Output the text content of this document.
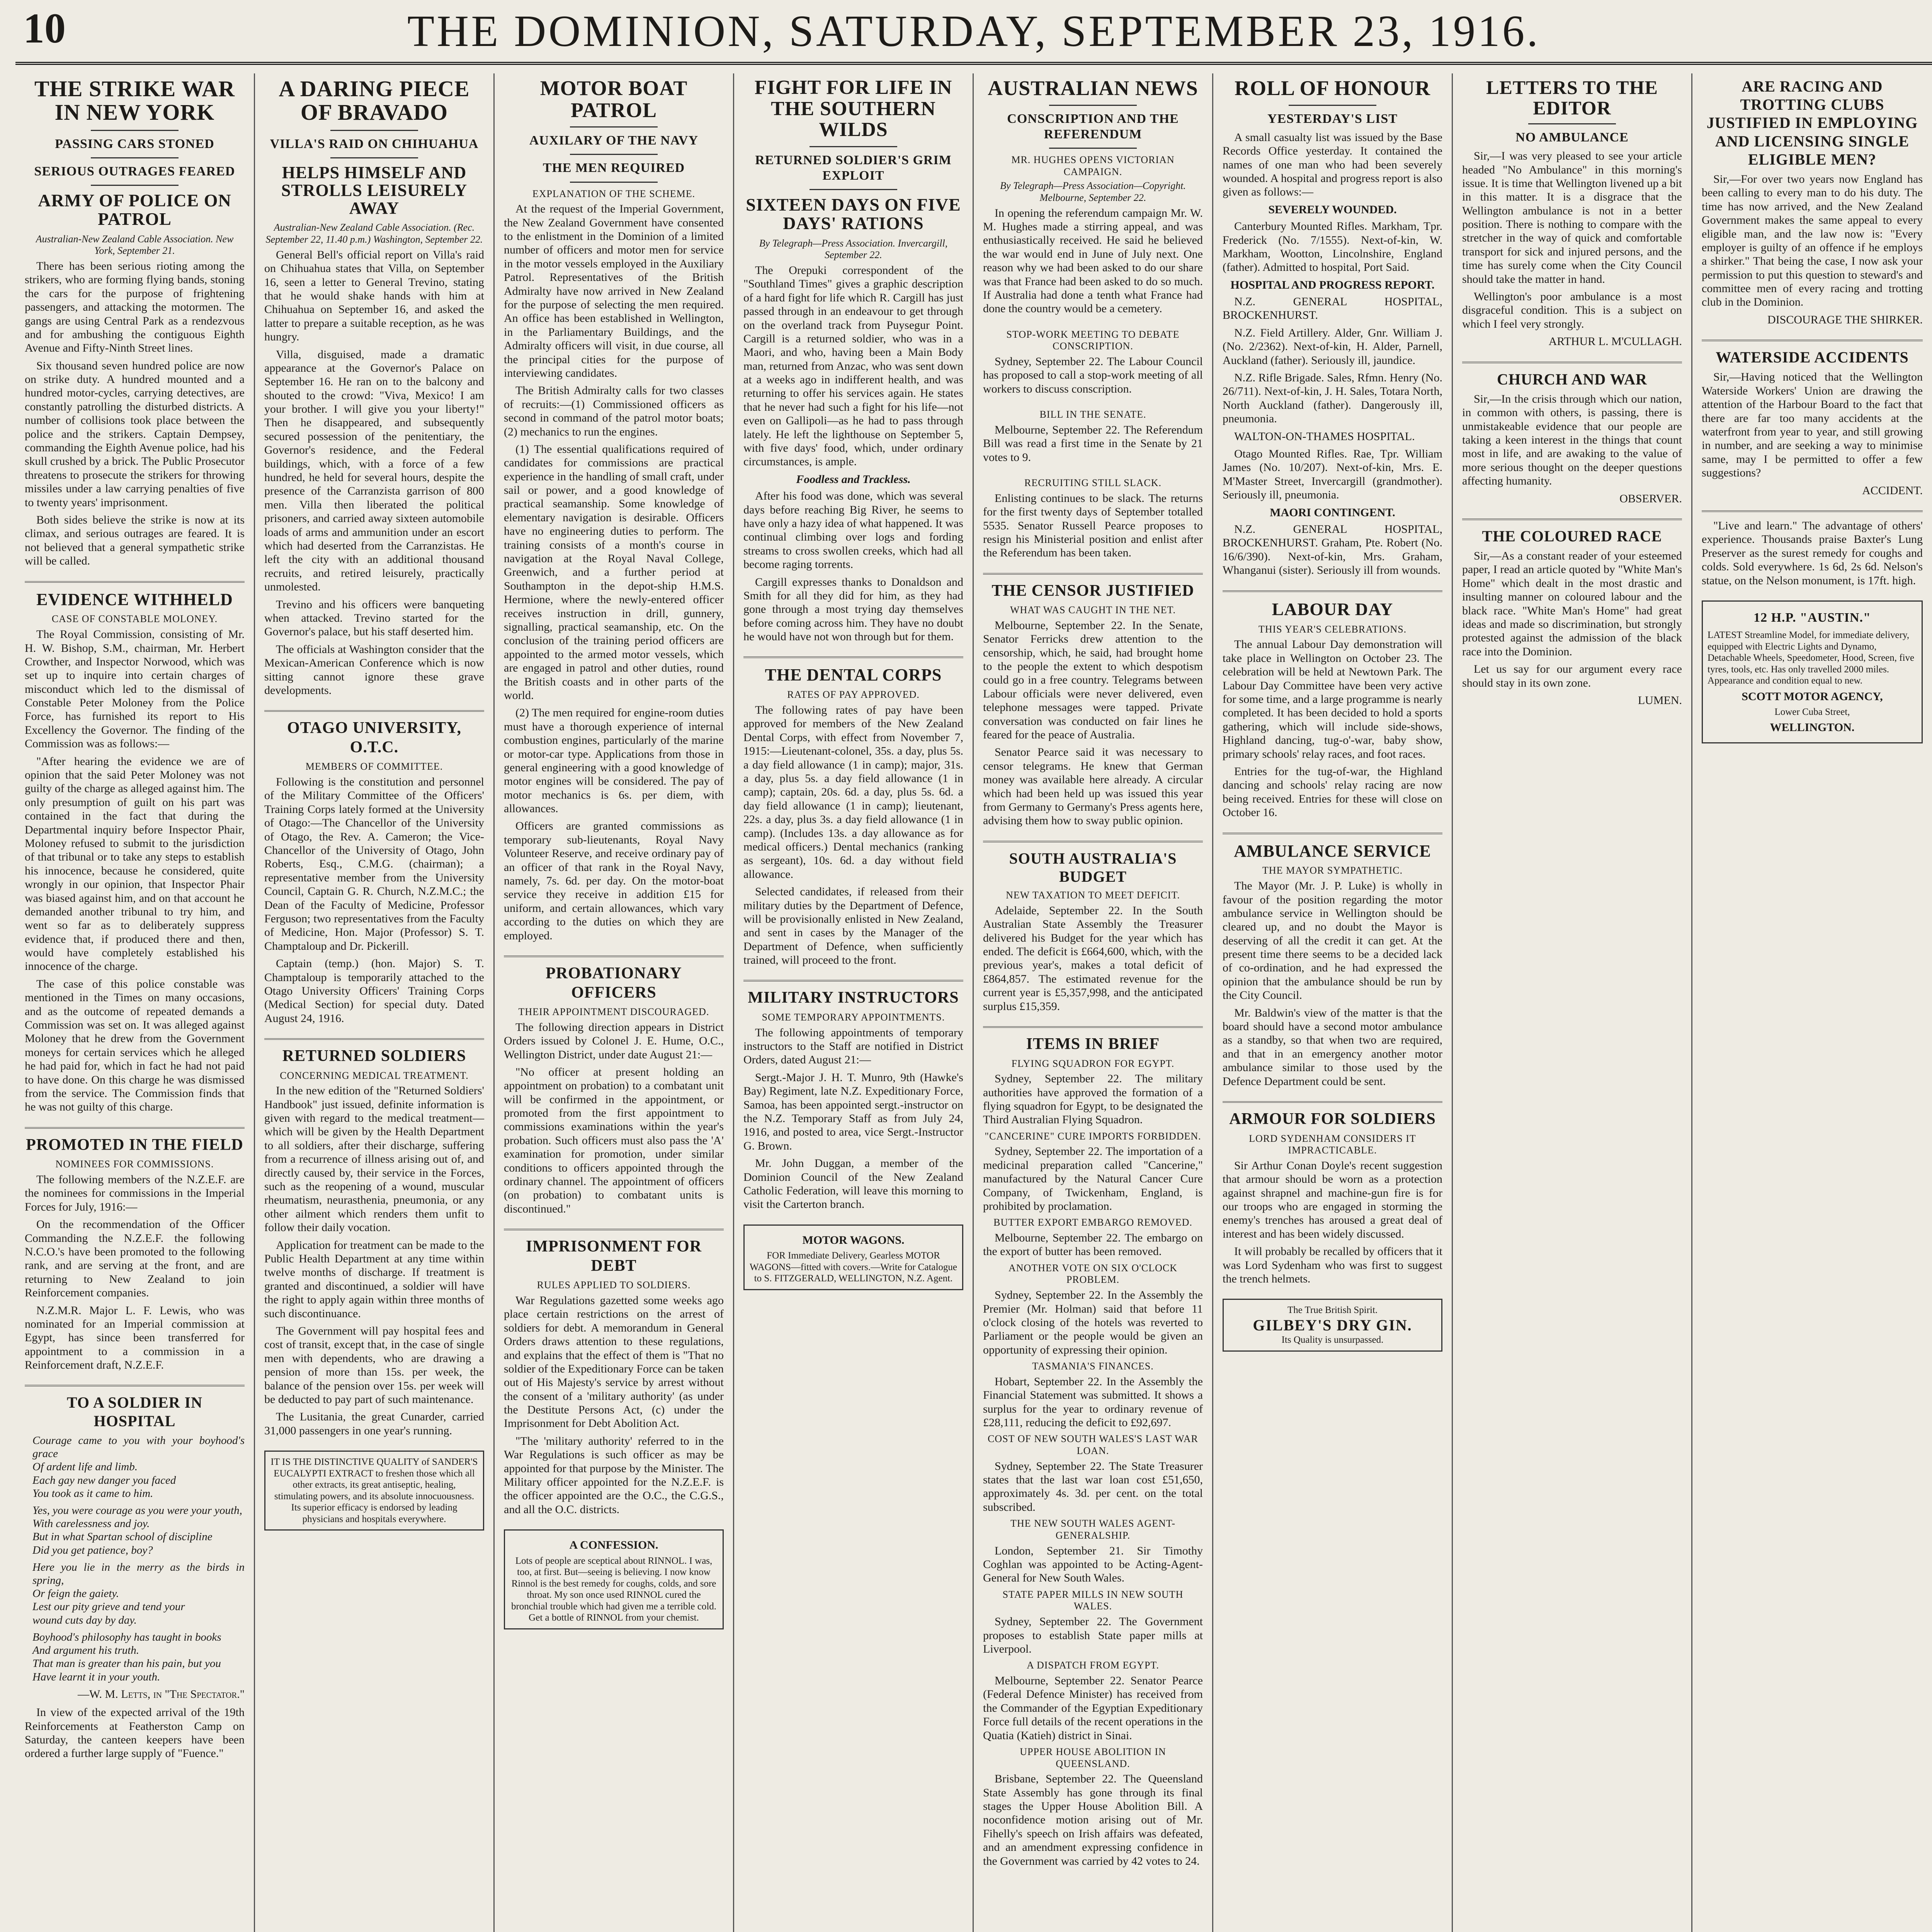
10	THE DOMINION, SATURDAY, SEPTEMBER 23, 1916.
THE STRIKE WAR IN NEW YORK
PASSING CARS STONED
SERIOUS OUTRAGES FEARED
ARMY OF POLICE ON PATROL
Australian-New Zealand Cable Association. New York, September 21.

There has been serious rioting among the strikers, who are forming flying bands, stoning the cars for the purpose of frightening passengers, and attacking the motormen. The gangs are using Central Park as a rendezvous and for ambushing the contiguous Eighth Avenue and Fifty-Ninth Street lines.

Six thousand seven hundred police are now on strike duty. A hundred mounted and a hundred motor-cycles, carrying detectives, are constantly patrolling the disturbed districts. A number of collisions took place between the police and the strikers. Captain Dempsey, commanding the Eighth Avenue police, had his skull crushed by a brick. The Public Prosecutor threatens to prosecute the strikers for throwing missiles under a law carrying penalties of five to twenty years' imprisonment.

Both sides believe the strike is now at its climax, and serious outrages are feared. It is not believed that a general sympathetic strike will be called.

EVIDENCE WITHHELD
CASE OF CONSTABLE MOLONEY.

The Royal Commission, consisting of Mr. H. W. Bishop, S.M., chairman, Mr. Herbert Crowther, and Inspector Norwood, which was set up to inquire into certain charges of misconduct which led to the dismissal of Constable Peter Moloney from the Police Force, has furnished its report to His Excellency the Governor. The finding of the Commission was as follows:—

"After hearing the evidence we are of opinion that the said Peter Moloney was not guilty of the charge as alleged against him. The only presumption of guilt on his part was contained in the fact that during the Departmental inquiry before Inspector Phair, Moloney refused to submit to the jurisdiction of that tribunal or to take any steps to establish his innocence, because he considered, quite wrongly in our opinion, that Inspector Phair was biased against him, and on that account he demanded another tribunal to try him, and went so far as to deliberately suppress evidence that, if produced there and then, would have completely established his innocence of the charge.

The case of this police constable was mentioned in the Times on many occasions, and as the outcome of repeated demands a Commission was set on. It was alleged against Moloney that he drew from the Government moneys for certain services which he alleged he had paid for, which in fact he had not paid to have done. On this charge he was dismissed from the service. The Commission finds that he was not guilty of this charge.

PROMOTED IN THE FIELD
NOMINEES FOR COMMISSIONS.

The following members of the N.Z.E.F. are the nominees for commissions in the Imperial Forces for July, 1916:—

On the recommendation of the Officer Commanding the N.Z.E.F. the following N.C.O.'s have been promoted to the following rank, and are serving at the front, and are returning to New Zealand to join Reinforcement companies.

N.Z.M.R. Major L. F. Lewis, who was nominated for an Imperial commission at Egypt, has since been transferred for appointment to a commission in a Reinforcement draft, N.Z.E.F.

TO A SOLDIER IN HOSPITAL

Courage came to you with your boyhood's grace
Of ardent life and limb.
Each gay new danger you faced
You took as it came to him.

Yes, you were courage as you were your youth,
With carelessness and joy.
But in what Spartan school of discipline
Did you get patience, boy?

Here you lie in the merry as the birds in spring,
Or feign the gaiety.
Lest our pity grieve and tend your
wound cuts day by day.

Boyhood's philosophy has taught in books
And argument his truth.
That man is greater than his pain, but you
Have learnt it in your youth.

—W. M. Letts, in "The Spectator."

In view of the expected arrival of the 19th Reinforcements at Featherston Camp on Saturday, the canteen keepers have been ordered a further large supply of "Fuence."

A DARING PIECE OF BRAVADO
VILLA'S RAID ON CHIHUAHUA
HELPS HIMSELF AND STROLLS LEISURELY AWAY
Australian-New Zealand Cable Association. (Rec. September 22, 11.40 p.m.) Washington, September 22.

General Bell's official report on Villa's raid on Chihuahua states that Villa, on September 16, seen a letter to General Trevino, stating that he would shake hands with him at Chihuahua on September 16, and asked the latter to prepare a suitable reception, as he was hungry.

Villa, disguised, made a dramatic appearance at the Governor's Palace on September 16. He ran on to the balcony and shouted to the crowd: "Viva, Mexico! I am your brother. I will give you your liberty!" Then he disappeared, and subsequently secured possession of the penitentiary, the Governor's residence, and the Federal buildings, which, with a force of a few hundred, he held for several hours, despite the presence of the Carranzista garrison of 800 men. Villa then liberated the political prisoners, and carried away sixteen automobile loads of arms and ammunition under an escort which had deserted from the Carranzistas. He left the city with an additional thousand recruits, and retired leisurely, practically unmolested.

Trevino and his officers were banqueting when attacked. Trevino started for the Governor's palace, but his staff deserted him.

The officials at Washington consider that the Mexican-American Conference which is now sitting cannot ignore these grave developments.

OTAGO UNIVERSITY, O.T.C.
MEMBERS OF COMMITTEE.

Following is the constitution and personnel of the Military Committee of the Officers' Training Corps lately formed at the University of Otago:—The Chancellor of the University of Otago, the Rev. A. Cameron; the Vice-Chancellor of the University of Otago, John Roberts, Esq., C.M.G. (chairman); a representative member from the University Council, Captain G. R. Church, N.Z.M.C.; the Dean of the Faculty of Medicine, Professor Ferguson; two representatives from the Faculty of Medicine, Hon. Major (Professor) S. T. Champtaloup and Dr. Pickerill.

Captain (temp.) (hon. Major) S. T. Champtaloup is temporarily attached to the Otago University Officers' Training Corps (Medical Section) for special duty. Dated August 24, 1916.

RETURNED SOLDIERS
CONCERNING MEDICAL TREATMENT.

In the new edition of the "Returned Soldiers' Handbook" just issued, definite information is given with regard to the medical treatment—which will be given by the Health Department to all soldiers, after their discharge, suffering from a recurrence of illness arising out of, and directly caused by, their service in the Forces, such as the reopening of a wound, muscular rheumatism, neurasthenia, pneumonia, or any other ailment which renders them unfit to follow their daily vocation.

Application for treatment can be made to the Public Health Department at any time within twelve months of discharge. If treatment is granted and discontinued, a soldier will have the right to apply again within three months of such discontinuance.

The Government will pay hospital fees and cost of transit, except that, in the case of single men with dependents, who are drawing a pension of more than 15s. per week, the balance of the pension over 15s. per week will be deducted to pay part of such maintenance.

The Lusitania, the great Cunarder, carried 31,000 passengers in one year's running.

IT IS THE DISTINCTIVE QUALITY of SANDER'S EUCALYPTI EXTRACT to freshen those which all other extracts, its great antiseptic, healing, stimulating powers, and its absolute innocuousness. Its superior efficacy is endorsed by leading physicians and hospitals everywhere.
MOTOR BOAT PATROL
AUXILARY OF THE NAVY
THE MEN REQUIRED
EXPLANATION OF THE SCHEME.

At the request of the Imperial Government, the New Zealand Government have consented to the enlistment in the Dominion of a limited number of officers and motor men for service in the motor vessels employed in the Auxiliary Patrol. Representatives of the British Admiralty have now arrived in New Zealand for the purpose of selecting the men required. An office has been established in Wellington, in the Parliamentary Buildings, and the Admiralty officers will visit, in due course, all the principal cities for the purpose of interviewing candidates.

The British Admiralty calls for two classes of recruits:—(1) Commissioned officers as second in command of the patrol motor boats; (2) mechanics to run the engines.

(1) The essential qualifications required of candidates for commissions are practical experience in the handling of small craft, under sail or power, and a good knowledge of practical seamanship. Some knowledge of elementary navigation is desirable. Officers have no engineering duties to perform. The training consists of a month's course in navigation at the Royal Naval College, Greenwich, and a further period at Southampton in the depot-ship H.M.S. Hermione, where the newly-entered officer receives instruction in drill, gunnery, signalling, practical seamanship, etc. On the conclusion of the training period officers are appointed to the armed motor vessels, which are engaged in patrol and other duties, round the British coasts and in other parts of the world.

(2) The men required for engine-room duties must have a thorough experience of internal combustion engines, particularly of the marine or motor-car type. Applications from those in general engineering with a good knowledge of motor engines will be considered. The pay of motor mechanics is 6s. per diem, with allowances.

Officers are granted commissions as temporary sub-lieutenants, Royal Navy Volunteer Reserve, and receive ordinary pay of an officer of that rank in the Royal Navy, namely, 7s. 6d. per day. On the motor-boat service they receive in addition £15 for uniform, and certain allowances, which vary according to the duties on which they are employed.

PROBATIONARY OFFICERS
THEIR APPOINTMENT DISCOURAGED.

The following direction appears in District Orders issued by Colonel J. E. Hume, O.C., Wellington District, under date August 21:—

"No officer at present holding an appointment on probation) to a combatant unit will be confirmed in the appointment, or promoted from the first appointment to commissions examinations within the year's probation. Such officers must also pass the 'A' examination for promotion, under similar conditions to officers appointed through the ordinary channel. The appointment of officers (on probation) to combatant units is discontinued."

IMPRISONMENT FOR DEBT
RULES APPLIED TO SOLDIERS.

War Regulations gazetted some weeks ago place certain restrictions on the arrest of soldiers for debt. A memorandum in General Orders draws attention to these regulations, and explains that the effect of them is "That no soldier of the Expeditionary Force can be taken out of His Majesty's service by arrest without the consent of a 'military authority' (as under the Destitute Persons Act, (c) under the Imprisonment for Debt Abolition Act.

"The 'military authority' referred to in the War Regulations is such officer as may be appointed for that purpose by the Minister. The Military officer appointed for the N.Z.E.F. is the officer appointed are the O.C., the C.G.S., and all the O.C. districts.

A CONFESSION.
Lots of people are sceptical about RINNOL. I was, too, at first. But—seeing is believing. I now know Rinnol is the best remedy for coughs, colds, and sore throat. My son once used RINNOL cured the bronchial trouble which had given me a terrible cold. Get a bottle of RINNOL from your chemist.
FIGHT FOR LIFE IN THE SOUTHERN WILDS
RETURNED SOLDIER'S GRIM EXPLOIT
SIXTEEN DAYS ON FIVE DAYS' RATIONS
By Telegraph—Press Association. Invercargill, September 22.

The Orepuki correspondent of the "Southland Times" gives a graphic description of a hard fight for life which R. Cargill has just passed through in an endeavour to get through on the overland track from Puysegur Point. Cargill is a returned soldier, who was in a Maori, and who, having been a Main Body man, returned from Anzac, who was sent down at a weeks ago in indifferent health, and was returning to offer his services again. He states that he never had such a fight for his life—not even on Gallipoli—as he had to pass through lately. He left the lighthouse on September 5, with five days' food, which, under ordinary circumstances, is ample.

Foodless and Trackless.

After his food was done, which was several days before reaching Big River, he seems to have only a hazy idea of what happened. It was continual climbing over logs and fording streams to cross swollen creeks, which had all become raging torrents.

Cargill expresses thanks to Donaldson and Smith for all they did for him, as they had gone through a most trying day themselves before coming across him. They have no doubt he would have not won through but for them.

THE DENTAL CORPS
RATES OF PAY APPROVED.

The following rates of pay have been approved for members of the New Zealand Dental Corps, with effect from November 7, 1915:—Lieutenant-colonel, 35s. a day, plus 5s. a day field allowance (1 in camp); major, 31s. a day, plus 5s. a day field allowance (1 in camp); captain, 20s. 6d. a day, plus 5s. 6d. a day field allowance (1 in camp); lieutenant, 22s. a day, plus 3s. a day field allowance (1 in camp). (Includes 13s. a day allowance as for medical officers.) Dental mechanics (ranking as sergeant), 10s. 6d. a day without field allowance.

Selected candidates, if released from their military duties by the Department of Defence, will be provisionally enlisted in New Zealand, and sent in cases by the Manager of the Department of Defence, when sufficiently trained, will proceed to the front.

MILITARY INSTRUCTORS
SOME TEMPORARY APPOINTMENTS.

The following appointments of temporary instructors to the Staff are notified in District Orders, dated August 21:—

Sergt.-Major J. H. T. Munro, 9th (Hawke's Bay) Regiment, late N.Z. Expeditionary Force, Samoa, has been appointed sergt.-instructor on the N.Z. Temporary Staff as from July 24, 1916, and posted to area, vice Sergt.-Instructor G. Brown.

Mr. John Duggan, a member of the Dominion Council of the New Zealand Catholic Federation, will leave this morning to visit the Carterton branch.

MOTOR WAGONS.
FOR Immediate Delivery, Gearless MOTOR WAGONS—fitted with covers.—Write for Catalogue to S. FITZGERALD, WELLINGTON, N.Z. Agent.
AUSTRALIAN NEWS
CONSCRIPTION AND THE REFERENDUM
MR. HUGHES OPENS VICTORIAN CAMPAIGN.
By Telegraph—Press Association—Copyright. Melbourne, September 22.

In opening the referendum campaign Mr. W. M. Hughes made a stirring appeal, and was enthusiastically received. He said he believed the war would end in June of July next. One reason why we had been asked to do our share was that France had been asked to do so much. If Australia had done a tenth what France had done the country would be a cemetery.

STOP-WORK MEETING TO DEBATE CONSCRIPTION.

Sydney, September 22. The Labour Council has proposed to call a stop-work meeting of all workers to discuss conscription.

BILL IN THE SENATE.

Melbourne, September 22. The Referendum Bill was read a first time in the Senate by 21 votes to 9.

RECRUITING STILL SLACK.

Enlisting continues to be slack. The returns for the first twenty days of September totalled 5535. Senator Russell Pearce proposes to resign his Ministerial position and enlist after the Referendum has been taken.

THE CENSOR JUSTIFIED
WHAT WAS CAUGHT IN THE NET.

Melbourne, September 22. In the Senate, Senator Ferricks drew attention to the censorship, which, he said, had brought home to the people the extent to which despotism could go in a free country. Telegrams between Labour officials were never delivered, even telephone messages were tapped. Private conversation was conducted on fair lines he feared for the peace of Australia.

Senator Pearce said it was necessary to censor telegrams. He knew that German money was available here already. A circular which had been held up was issued this year from Germany to Germany's Press agents here, advising them how to sway public opinion.

SOUTH AUSTRALIA'S BUDGET
NEW TAXATION TO MEET DEFICIT.

Adelaide, September 22. In the South Australian State Assembly the Treasurer delivered his Budget for the year which has ended. The deficit is £664,600, which, with the previous year's, makes a total deficit of £864,857. The estimated revenue for the current year is £5,357,998, and the anticipated surplus £15,359.

ITEMS IN BRIEF
FLYING SQUADRON FOR EGYPT.

Sydney, September 22. The military authorities have approved the formation of a flying squadron for Egypt, to be designated the Third Australian Flying Squadron.

"CANCERINE" CURE IMPORTS FORBIDDEN.

Sydney, September 22. The importation of a medicinal preparation called "Cancerine," manufactured by the Natural Cancer Cure Company, of Twickenham, England, is prohibited by proclamation.

BUTTER EXPORT EMBARGO REMOVED.

Melbourne, September 22. The embargo on the export of butter has been removed.

ANOTHER VOTE ON SIX O'CLOCK PROBLEM.

Sydney, September 22. In the Assembly the Premier (Mr. Holman) said that before 11 o'clock closing of the hotels was reverted to Parliament or the people would be given an opportunity of expressing their opinion.

TASMANIA'S FINANCES.

Hobart, September 22. In the Assembly the Financial Statement was submitted. It shows a surplus for the year to ordinary revenue of £28,111, reducing the deficit to £92,697.

COST OF NEW SOUTH WALES'S LAST WAR LOAN.

Sydney, September 22. The State Treasurer states that the last war loan cost £51,650, approximately 4s. 3d. per cent. on the total subscribed.

THE NEW SOUTH WALES AGENT-GENERALSHIP.

London, September 21. Sir Timothy Coghlan was appointed to be Acting-Agent-General for New South Wales.

STATE PAPER MILLS IN NEW SOUTH WALES.

Sydney, September 22. The Government proposes to establish State paper mills at Liverpool.

A DISPATCH FROM EGYPT.

Melbourne, September 22. Senator Pearce (Federal Defence Minister) has received from the Commander of the Egyptian Expeditionary Force full details of the recent operations in the Quatia (Katieh) district in Sinai.

UPPER HOUSE ABOLITION IN QUEENSLAND.

Brisbane, September 22. The Queensland State Assembly has gone through its final stages the Upper House Abolition Bill. A noconfidence motion arising out of Mr. Fihelly's speech on Irish affairs was defeated, and an amendment expressing confidence in the Government was carried by 42 votes to 24.

ROLL OF HONOUR
YESTERDAY'S LIST

A small casualty list was issued by the Base Records Office yesterday. It contained the names of one man who had been severely wounded. A hospital and progress report is also given as follows:—

SEVERELY WOUNDED.

Canterbury Mounted Rifles. Markham, Tpr. Frederick (No. 7/1555). Next-of-kin, W. Markham, Wootton, Lincolnshire, England (father). Admitted to hospital, Port Said.

HOSPITAL AND PROGRESS REPORT.

N.Z. GENERAL HOSPITAL, BROCKENHURST.

N.Z. Field Artillery. Alder, Gnr. William J. (No. 2/2362). Next-of-kin, H. Alder, Parnell, Auckland (father). Seriously ill, jaundice.

N.Z. Rifle Brigade. Sales, Rfmn. Henry (No. 26/711). Next-of-kin, J. H. Sales, Totara North, North Auckland (father). Dangerously ill, pneumonia.

WALTON-ON-THAMES HOSPITAL.

Otago Mounted Rifles. Rae, Tpr. William James (No. 10/207). Next-of-kin, Mrs. E. M'Master Street, Invercargill (grandmother). Seriously ill, pneumonia.

MAORI CONTINGENT.

N.Z. GENERAL HOSPITAL, BROCKENHURST. Graham, Pte. Robert (No. 16/6/390). Next-of-kin, Mrs. Graham, Whanganui (sister). Seriously ill from wounds.

LABOUR DAY
THIS YEAR'S CELEBRATIONS.

The annual Labour Day demonstration will take place in Wellington on October 23. The celebration will be held at Newtown Park. The Labour Day Committee have been very active for some time, and a large programme is nearly completed. It has been decided to hold a sports gathering, which will include side-shows, Highland dancing, tug-o'-war, baby show, primary schools' relay races, and foot races.

Entries for the tug-of-war, the Highland dancing and schools' relay racing are now being received. Entries for these will close on October 16.

AMBULANCE SERVICE
THE MAYOR SYMPATHETIC.

The Mayor (Mr. J. P. Luke) is wholly in favour of the position regarding the motor ambulance service in Wellington should be cleared up, and no doubt the Mayor is deserving of all the credit it can get. At the present time there seems to be a decided lack of co-ordination, and he had expressed the opinion that the ambulance should be run by the City Council.

Mr. Baldwin's view of the matter is that the board should have a second motor ambulance as a standby, so that when two are required, and that in an emergency another motor ambulance similar to those used by the Defence Department could be sent.

ARMOUR FOR SOLDIERS
LORD SYDENHAM CONSIDERS IT IMPRACTICABLE.

Sir Arthur Conan Doyle's recent suggestion that armour should be worn as a protection against shrapnel and machine-gun fire is for our troops who are engaged in storming the enemy's trenches has aroused a great deal of interest and has been widely discussed.

It will probably be recalled by officers that it was Lord Sydenham who was first to suggest the trench helmets.

The True British Spirit.
GILBEY'S DRY GIN.
Its Quality is unsurpassed.
LETTERS TO THE EDITOR
NO AMBULANCE

Sir,—I was very pleased to see your article headed "No Ambulance" in this morning's issue. It is time that Wellington livened up a bit in this matter. It is a disgrace that the Wellington ambulance is not in a better position. There is nothing to compare with the stretcher in the way of quick and comfortable transport for sick and injured persons, and the time has surely come when the City Council should take the matter in hand.

Wellington's poor ambulance is a most disgraceful condition. This is a subject on which I feel very strongly.

ARTHUR L. M'CULLAGH.

CHURCH AND WAR

Sir,—In the crisis through which our nation, in common with others, is passing, there is unmistakeable evidence that our people are taking a keen interest in the things that count most in life, and are awaking to the value of more serious thought on the deeper questions affecting humanity.

OBSERVER.

THE COLOURED RACE

Sir,—As a constant reader of your esteemed paper, I read an article quoted by "White Man's Home" which dealt in the most drastic and insulting manner on coloured labour and the black race. "White Man's Home" had great ideas and made so discrimination, but strongly protested against the admission of the black race into the Dominion.

Let us say for our argument every race should stay in its own zone.

LUMEN.

ARE RACING AND TROTTING CLUBS JUSTIFIED IN EMPLOYING AND LICENSING SINGLE ELIGIBLE MEN?

Sir,—For over two years now England has been calling to every man to do his duty. The time has now arrived, and the New Zealand Government makes the same appeal to every eligible man, and the law now is: "Every employer is guilty of an offence if he employs a shirker." That being the case, I now ask your permission to put this question to steward's and committee men of every racing and trotting club in the Dominion.

DISCOURAGE THE SHIRKER.

WATERSIDE ACCIDENTS

Sir,—Having noticed that the Wellington Waterside Workers' Union are drawing the attention of the Harbour Board to the fact that there are far too many accidents at the waterfront from year to year, and still growing in number, and are seeking a way to minimise same, may I be permitted to offer a few suggestions?

ACCIDENT.

"Live and learn." The advantage of others' experience. Thousands praise Baxter's Lung Preserver as the surest remedy for coughs and colds. Sold everywhere. 1s 6d, 2s 6d. Nelson's statue, on the Nelson monument, is 17ft. high.

12 H.P. "AUSTIN."
LATEST Streamline Model, for immediate delivery, equipped with Electric Lights and Dynamo, Detachable Wheels, Speedometer, Hood, Screen, five tyres, tools, etc. Has only travelled 2000 miles. Appearance and condition equal to new.
SCOTT MOTOR AGENCY,
Lower Cuba Street,
WELLINGTON.
